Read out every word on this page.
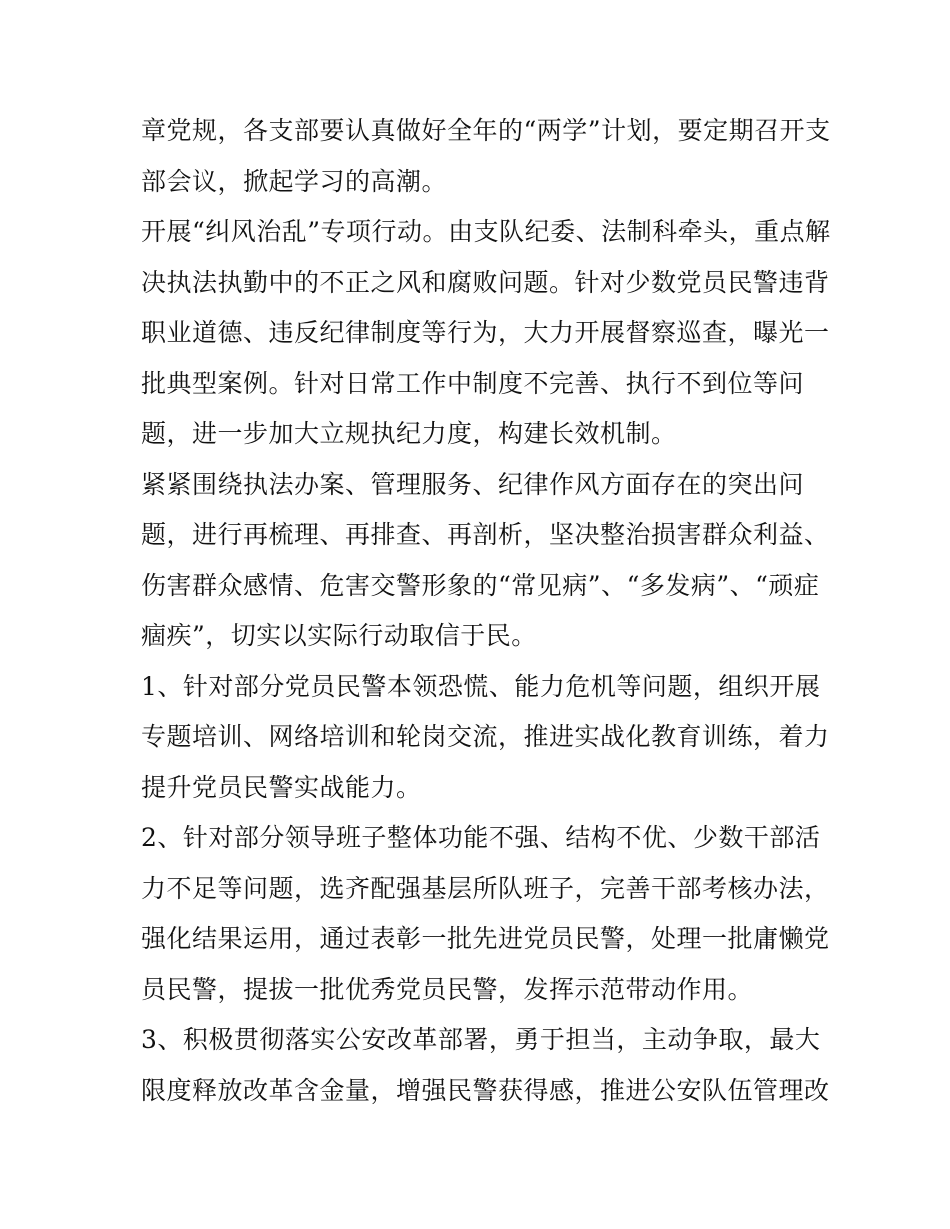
章党规，各支部要认真做好全年的“两学”计划，要定期召开支
部会议，掀起学习的高潮。
开展“纠风治乱”专项行动。由支队纪委、法制科牵头，重点解
决执法执勤中的不正之风和腐败问题。针对少数党员民警违背
职业道德、违反纪律制度等行为，大力开展督察巡查，曝光一
批典型案例。针对日常工作中制度不完善、执行不到位等问
题，进一步加大立规执纪力度，构建长效机制。
紧紧围绕执法办案、管理服务、纪律作风方面存在的突出问
题，进行再梳理、再排查、再剖析，坚决整治损害群众利益、
伤害群众感情、危害交警形象的“常见病”、“多发病”、“顽症
痼疾”，切实以实际行动取信于民。
1、针对部分党员民警本领恐慌、能力危机等问题，组织开展
专题培训、网络培训和轮岗交流，推进实战化教育训练，着力
提升党员民警实战能力。
2、针对部分领导班子整体功能不强、结构不优、少数干部活
力不足等问题，选齐配强基层所队班子，完善干部考核办法，
强化结果运用，通过表彰一批先进党员民警，处理一批庸懒党
员民警，提拔一批优秀党员民警，发挥示范带动作用。
3、积极贯彻落实公安改革部署，勇于担当，主动争取，最大
限度释放改革含金量，增强民警获得感，推进公安队伍管理改
